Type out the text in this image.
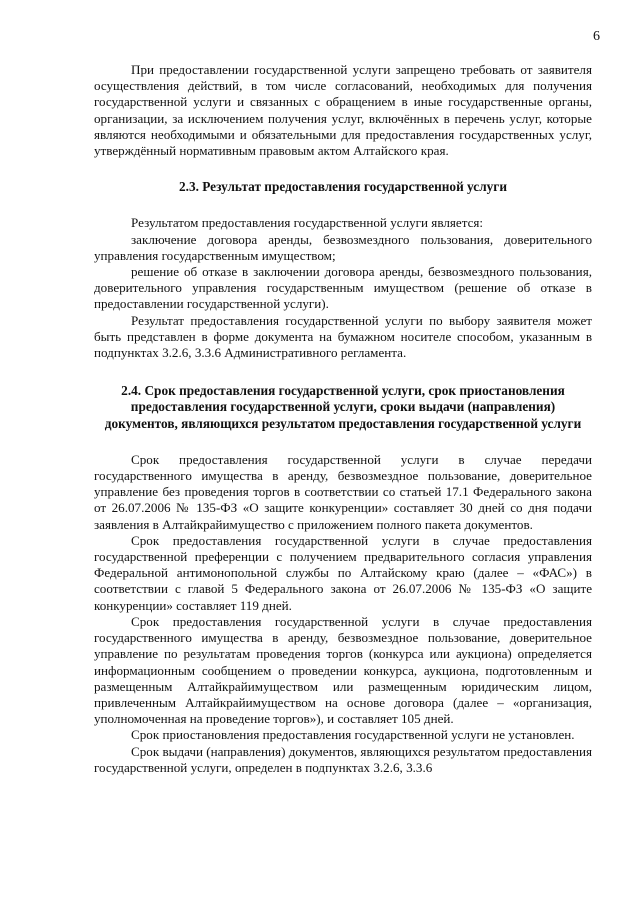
6

При предоставлении государственной услуги запрещено требовать от заявителя осуществления действий, в том числе согласований, необходимых для получения государственной услуги и связанных с обращением в иные государственные органы, организации, за исключением получения услуг, включённых в перечень услуг, которые являются необходимыми и обязательными для предоставления государственных услуг, утверждённый нормативным правовым актом Алтайского края.

2.3. Результат предоставления государственной услуги

Результатом предоставления государственной услуги является:

заключение договора аренды, безвозмездного пользования, доверительного управления государственным имуществом;

решение об отказе в заключении договора аренды, безвозмездного пользования, доверительного управления государственным имуществом (решение об отказе в предоставлении государственной услуги).

Результат предоставления государственной услуги по выбору заявителя может быть представлен в форме документа на бумажном носителе способом, указанным в подпунктах 3.2.6, 3.3.6 Административного регламента.

2.4. Срок предоставления государственной услуги, срок приостановления предоставления государственной услуги, сроки выдачи (направления) документов, являющихся результатом предоставления государственной услуги

Срок предоставления государственной услуги в случае передачи государственного имущества в аренду, безвозмездное пользование, доверительное управление без проведения торгов в соответствии со статьей 17.1 Федерального закона от 26.07.2006 № 135-ФЗ «О защите конкуренции» составляет 30 дней со дня подачи заявления в Алтайкрайимущество с приложением полного пакета документов.

Срок предоставления государственной услуги в случае предоставления государственной преференции с получением предварительного согласия управления Федеральной антимонопольной службы по Алтайскому краю (далее – «ФАС») в соответствии с главой 5 Федерального закона от 26.07.2006 № 135-ФЗ «О защите конкуренции» составляет 119 дней.

Срок предоставления государственной услуги в случае предоставления государственного имущества в аренду, безвозмездное пользование, доверительное управление по результатам проведения торгов (конкурса или аукциона) определяется информационным сообщением о проведении конкурса, аукциона, подготовленным и размещенным Алтайкрайимуществом или размещенным юридическим лицом, привлеченным Алтайкрайимуществом на основе договора (далее – «организация, уполномоченная на проведение торгов»), и составляет 105 дней.

Срок приостановления предоставления государственной услуги не установлен.

Срок выдачи (направления) документов, являющихся результатом предоставления государственной услуги, определен в подпунктах 3.2.6, 3.3.6
